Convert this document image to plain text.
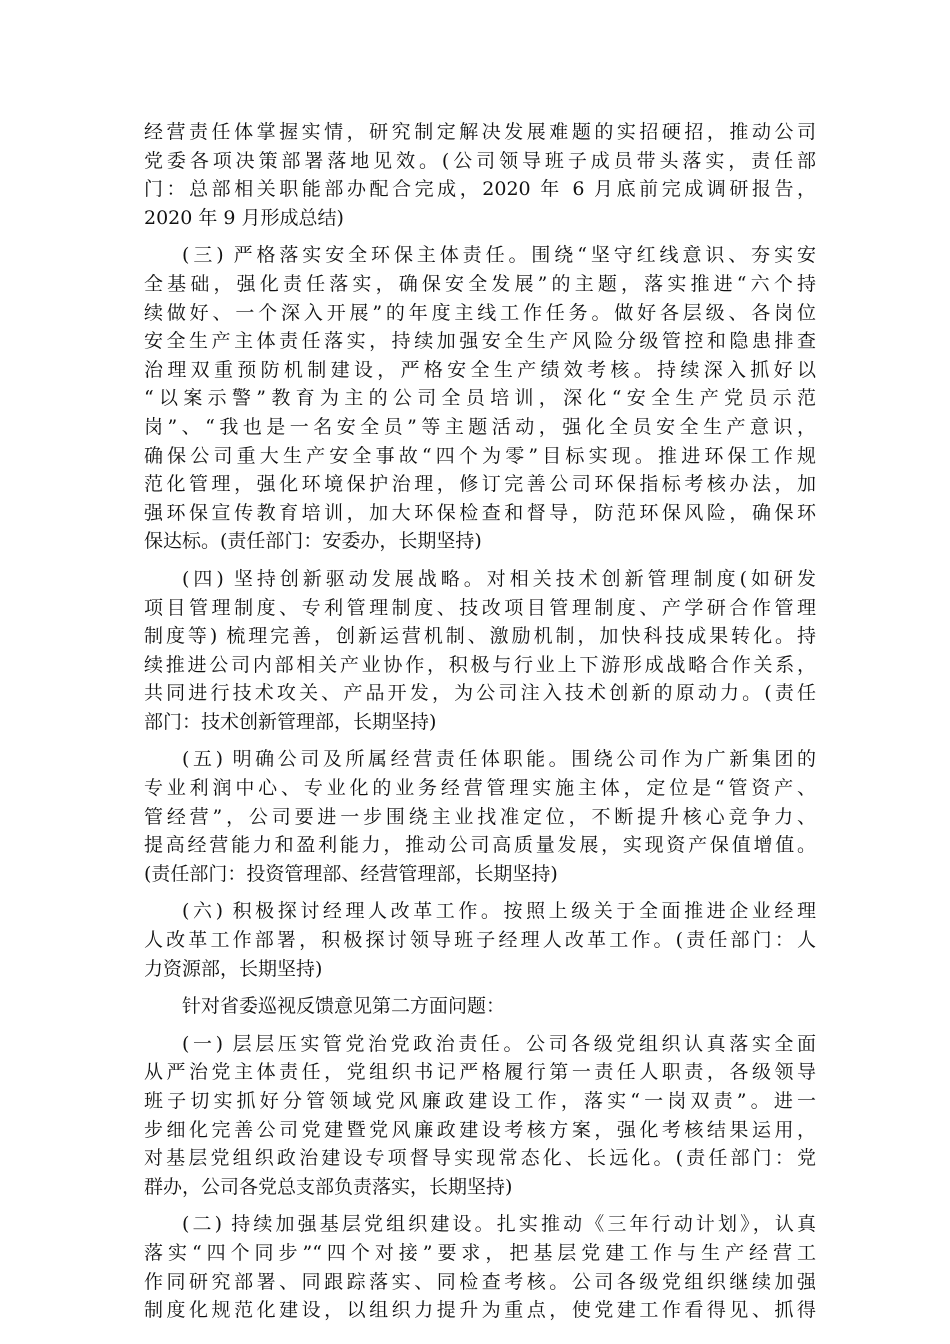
经营责任体掌握实情，研究制定解决发展难题的实招硬招，推动公司
党委各项决策部署落地见效。(公司领导班子成员带头落实，责任部
门：总部相关职能部办配合完成，2020 年 6 月底前完成调研报告，
2020 年 9 月形成总结)
(三) 严格落实安全环保主体责任。围绕“坚守红线意识、夯实安
全基础，强化责任落实，确保安全发展”的主题，落实推进“六个持
续做好、一个深入开展”的年度主线工作任务。做好各层级、各岗位
安全生产主体责任落实，持续加强安全生产风险分级管控和隐患排查
治理双重预防机制建设，严格安全生产绩效考核。持续深入抓好以
“以案示警”教育为主的公司全员培训，深化“安全生产党员示范
岗”、“我也是一名安全员”等主题活动，强化全员安全生产意识，
确保公司重大生产安全事故“四个为零”目标实现。推进环保工作规
范化管理，强化环境保护治理，修订完善公司环保指标考核办法，加
强环保宣传教育培训，加大环保检查和督导，防范环保风险，确保环
保达标。(责任部门：安委办，长期坚持)
(四) 坚持创新驱动发展战略。对相关技术创新管理制度(如研发
项目管理制度、专利管理制度、技改项目管理制度、产学研合作管理
制度等) 梳理完善，创新运营机制、激励机制，加快科技成果转化。持
续推进公司内部相关产业协作，积极与行业上下游形成战略合作关系，
共同进行技术攻关、产品开发，为公司注入技术创新的原动力。(责任
部门：技术创新管理部，长期坚持)
(五) 明确公司及所属经营责任体职能。围绕公司作为广新集团的
专业利润中心、专业化的业务经营管理实施主体，定位是“管资产、
管经营”，公司要进一步围绕主业找准定位，不断提升核心竞争力、
提高经营能力和盈利能力，推动公司高质量发展，实现资产保值增值。
(责任部门：投资管理部、经营管理部，长期坚持)
(六) 积极探讨经理人改革工作。按照上级关于全面推进企业经理
人改革工作部署，积极探讨领导班子经理人改革工作。(责任部门：人
力资源部，长期坚持)
针对省委巡视反馈意见第二方面问题：
(一) 层层压实管党治党政治责任。公司各级党组织认真落实全面
从严治党主体责任，党组织书记严格履行第一责任人职责，各级领导
班子切实抓好分管领域党风廉政建设工作，落实“一岗双责”。进一
步细化完善公司党建暨党风廉政建设考核方案，强化考核结果运用，
对基层党组织政治建设专项督导实现常态化、长远化。(责任部门：党
群办，公司各党总支部负责落实，长期坚持)
(二) 持续加强基层党组织建设。扎实推动《三年行动计划》，认真
落实“四个同步”“四个对接”要求，把基层党建工作与生产经营工
作同研究部署、同跟踪落实、同检查考核。公司各级党组织继续加强
制度化规范化建设，以组织力提升为重点，使党建工作看得见、抓得
